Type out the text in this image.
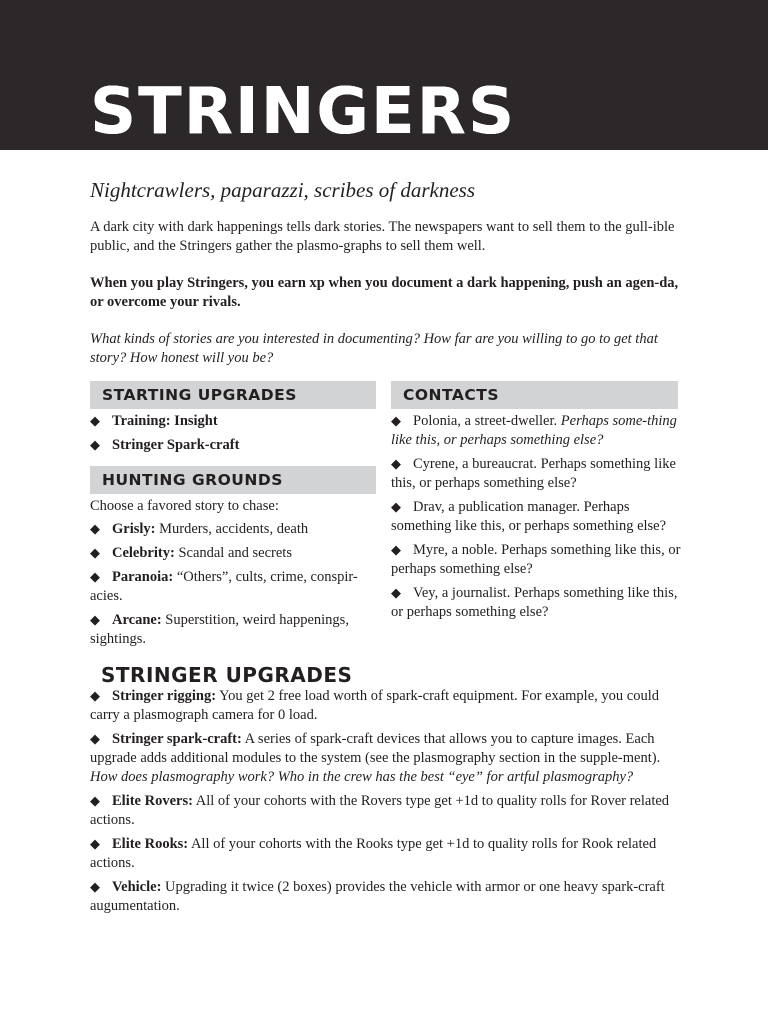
STRINGERS
Nightcrawlers, paparazzi, scribes of darkness
A dark city with dark happenings tells dark stories. The newspapers want to sell them to the gull-ible public, and the Stringers gather the plasmo-graphs to sell them well.
When you play Stringers, you earn xp when you document a dark happening, push an agen-da, or overcome your rivals.
What kinds of stories are you interested in documenting? How far are you willing to go to get that story? How honest will you be?
STARTING UPGRADES
◆ Training: Insight
◆ Stringer Spark-craft
HUNTING GROUNDS
Choose a favored story to chase:
◆ Grisly: Murders, accidents, death
◆ Celebrity: Scandal and secrets
◆ Paranoia: “Others”, cults, crime, conspir-acies.
◆ Arcane: Superstition, weird happenings, sightings.
CONTACTS
◆ Polonia, a street-dweller. Perhaps some-thing like this, or perhaps something else?
◆ Cyrene, a bureaucrat. Perhaps something like this, or perhaps something else?
◆ Drav, a publication manager. Perhaps something like this, or perhaps something else?
◆ Myre, a noble. Perhaps something like this, or perhaps something else?
◆ Vey, a journalist. Perhaps something like this, or perhaps something else?
STRINGER UPGRADES
◆ Stringer rigging: You get 2 free load worth of spark-craft equipment. For example, you could carry a plasmograph camera for 0 load.
◆ Stringer spark-craft: A series of spark-craft devices that allows you to capture images. Each upgrade adds additional modules to the system (see the plasmography section in the supple-ment). How does plasmography work? Who in the crew has the best “eye” for artful plasmography?
◆ Elite Rovers: All of your cohorts with the Rovers type get +1d to quality rolls for Rover related actions.
◆ Elite Rooks: All of your cohorts with the Rooks type get +1d to quality rolls for Rook related actions.
◆ Vehicle: Upgrading it twice (2 boxes) provides the vehicle with armor or one heavy spark-craft augumentation.
